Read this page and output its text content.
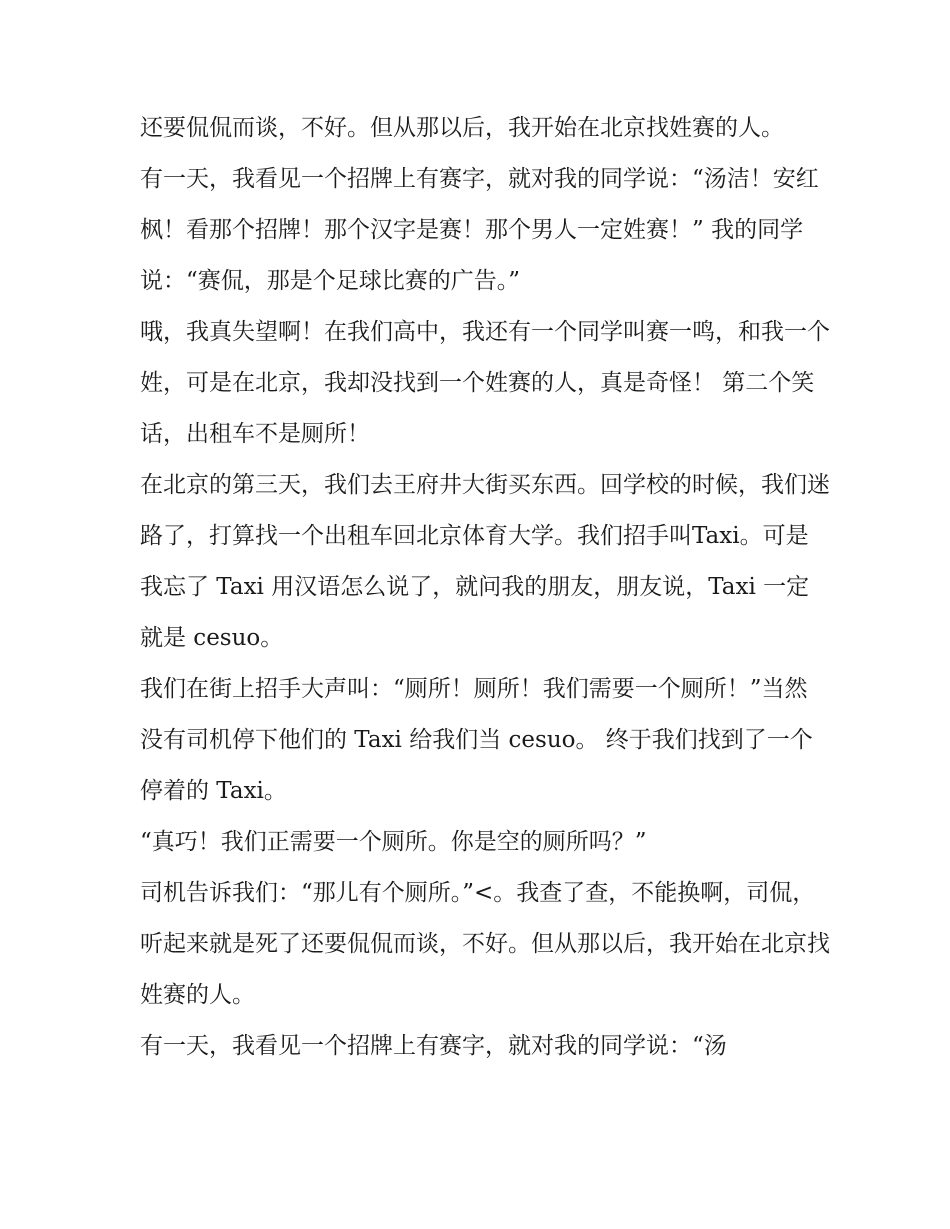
还要侃侃而谈，不好。但从那以后，我开始在北京找姓赛的人。

有一天，我看见一个招牌上有赛字，就对我的同学说：“汤洁！安红枫！看那个招牌！那个汉字是赛！那个男人一定姓赛！” 我的同学说：“赛侃，那是个足球比赛的广告。”

哦，我真失望啊！在我们高中，我还有一个同学叫赛一鸣，和我一个姓，可是在北京，我却没找到一个姓赛的人，真是奇怪！ 第二个笑话，出租车不是厕所！

在北京的第三天，我们去王府井大街买东西。回学校的时候，我们迷路了，打算找一个出租车回北京体育大学。我们招手叫Taxi。可是我忘了 Taxi 用汉语怎么说了，就问我的朋友，朋友说，Taxi 一定就是 cesuo。

我们在街上招手大声叫：“厕所！厕所！我们需要一个厕所！”当然没有司机停下他们的 Taxi 给我们当 cesuo。 终于我们找到了一个停着的 Taxi。

“真巧！我们正需要一个厕所。你是空的厕所吗？”

司机告诉我们：“那儿有个厕所。”<。我查了查，不能换啊，司侃，听起来就是死了还要侃侃而谈，不好。但从那以后，我开始在北京找姓赛的人。

有一天，我看见一个招牌上有赛字，就对我的同学说：“汤
